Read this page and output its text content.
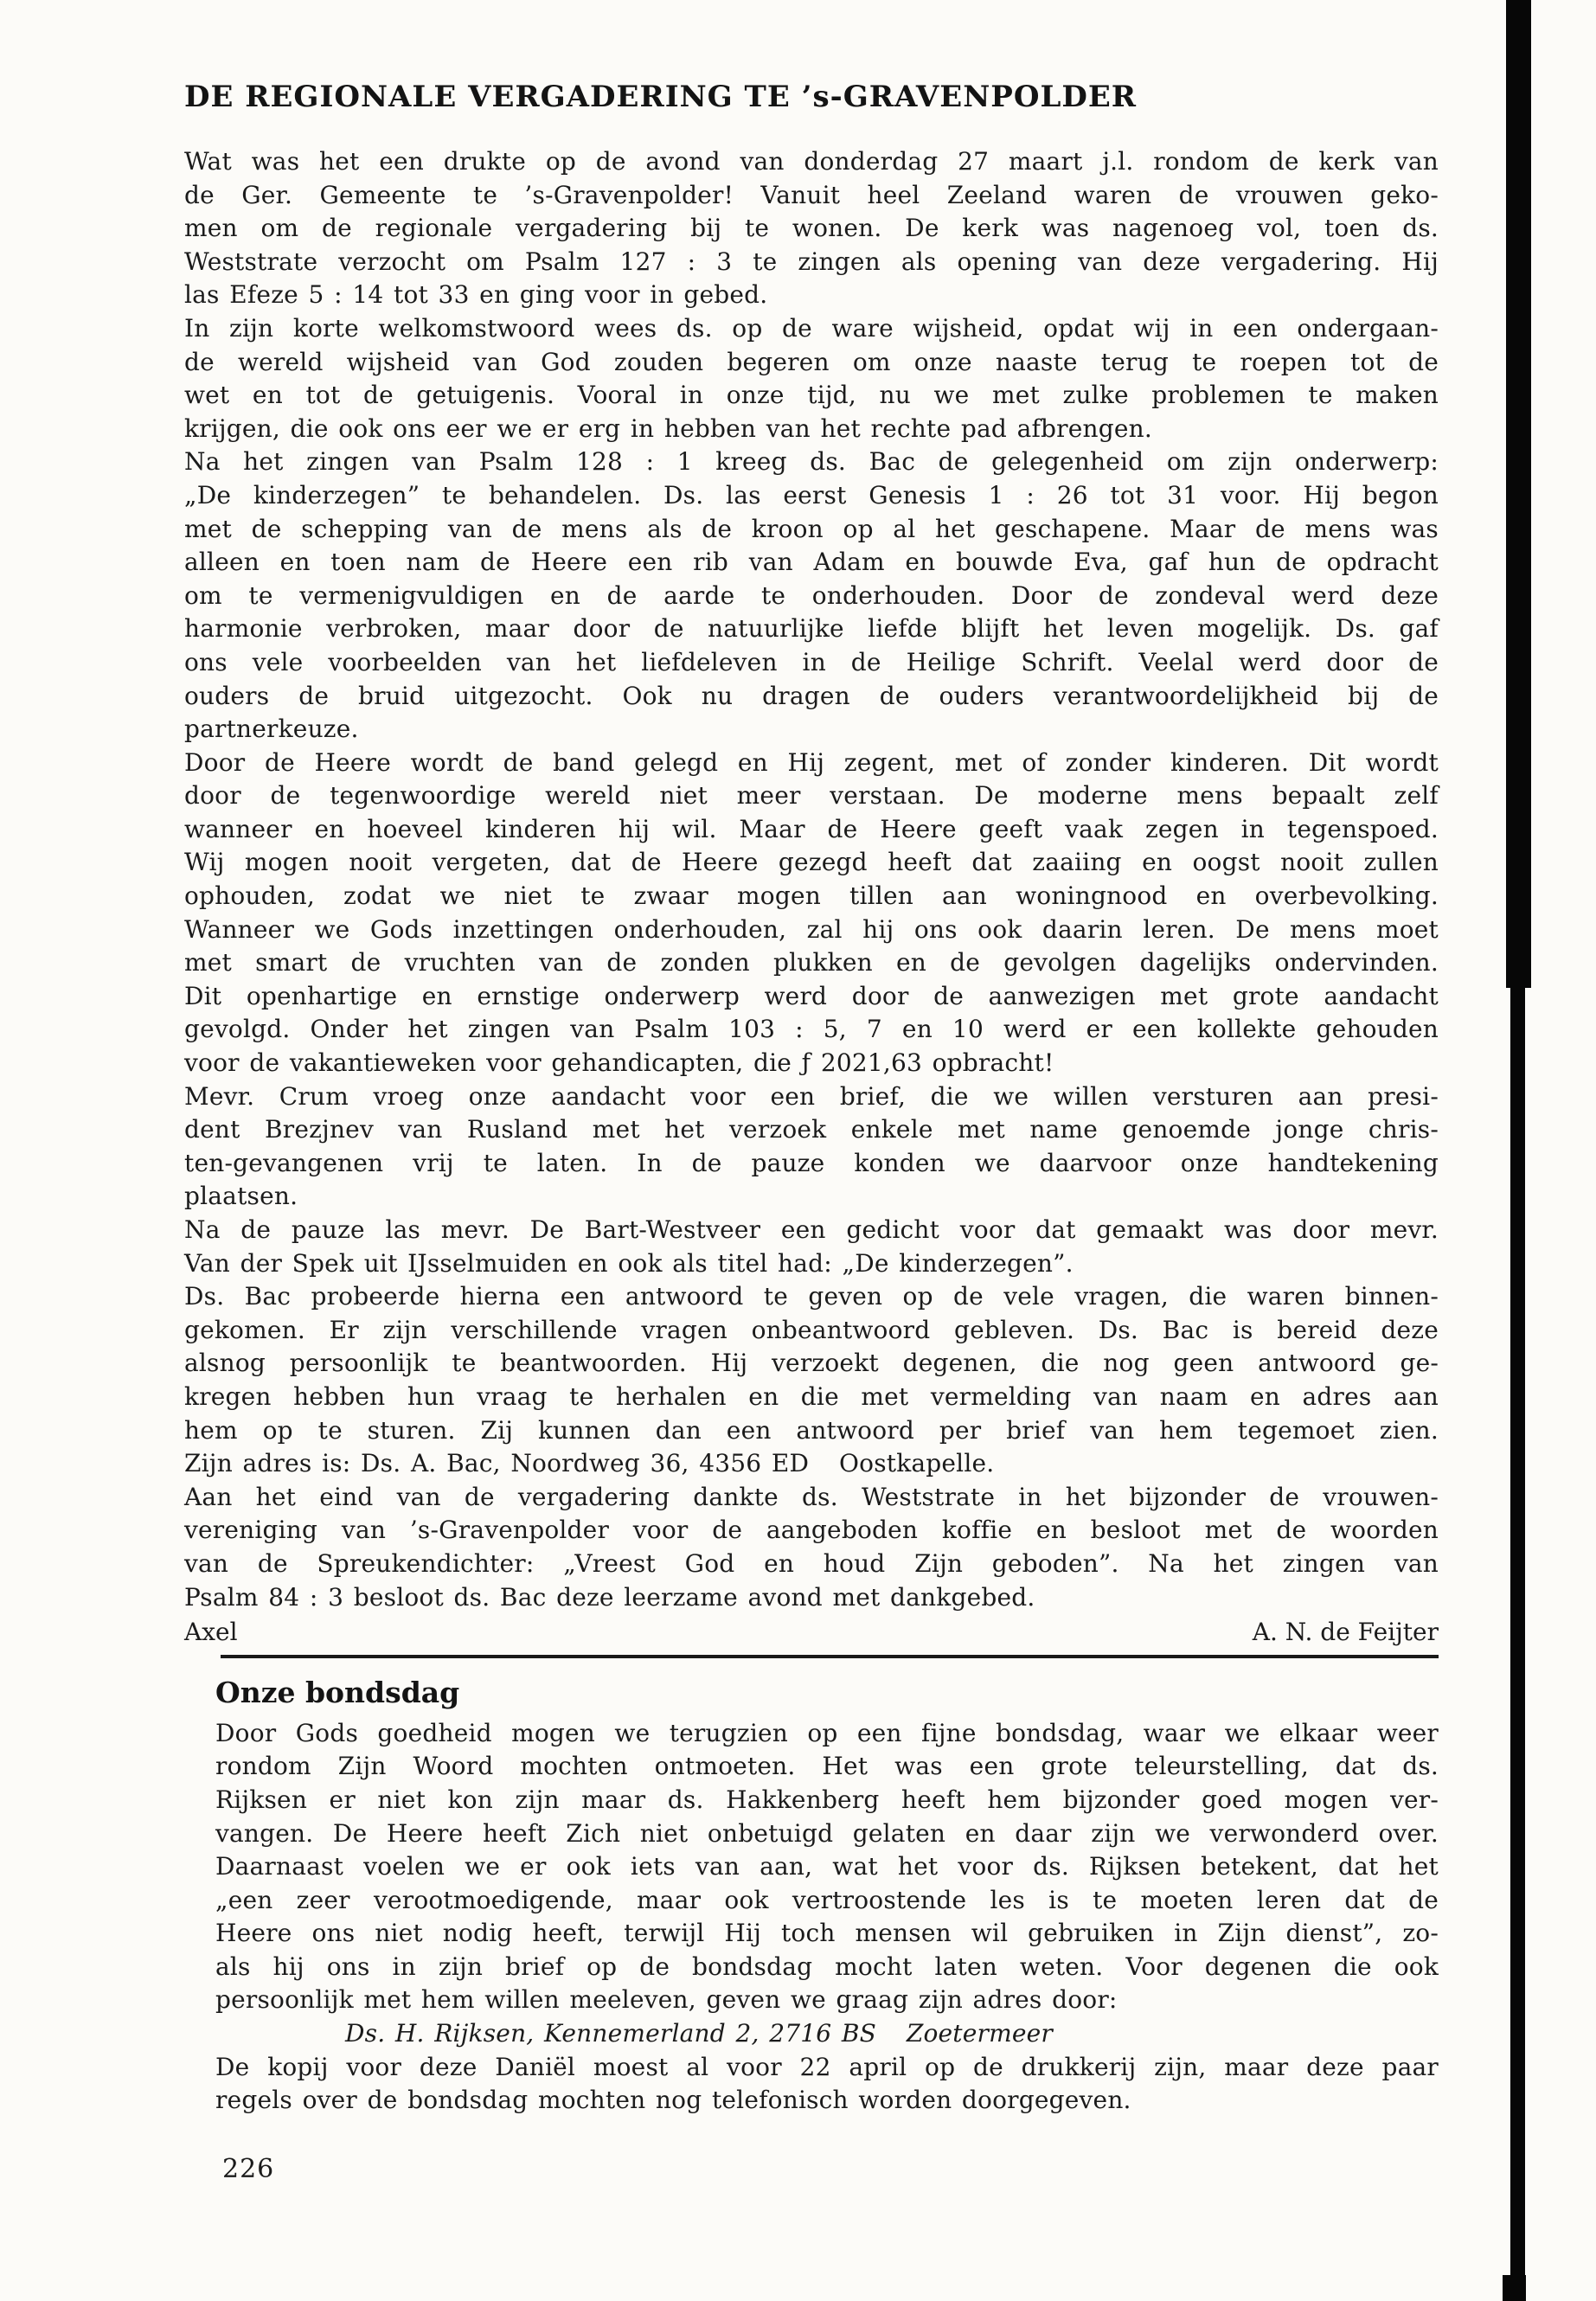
DE REGIONALE VERGADERING TE ’s-GRAVENPOLDER
Wat was het een drukte op de avond van donderdag 27 maart j.l. rondom de kerk van
de Ger. Gemeente te ’s-Gravenpolder! Vanuit heel Zeeland waren de vrouwen geko-
men om de regionale vergadering bij te wonen. De kerk was nagenoeg vol, toen ds.
Weststrate verzocht om Psalm 127 : 3 te zingen als opening van deze vergadering. Hij
las Efeze 5 : 14 tot 33 en ging voor in gebed.
In zijn korte welkomstwoord wees ds. op de ware wijsheid, opdat wij in een ondergaan-
de wereld wijsheid van God zouden begeren om onze naaste terug te roepen tot de
wet en tot de getuigenis. Vooral in onze tijd, nu we met zulke problemen te maken
krijgen, die ook ons eer we er erg in hebben van het rechte pad afbrengen.
Na het zingen van Psalm 128 : 1 kreeg ds. Bac de gelegenheid om zijn onderwerp:
„De kinderzegen” te behandelen. Ds. las eerst Genesis 1 : 26 tot 31 voor. Hij begon
met de schepping van de mens als de kroon op al het geschapene. Maar de mens was
alleen en toen nam de Heere een rib van Adam en bouwde Eva, gaf hun de opdracht
om te vermenigvuldigen en de aarde te onderhouden. Door de zondeval werd deze
harmonie verbroken, maar door de natuurlijke liefde blijft het leven mogelijk. Ds. gaf
ons vele voorbeelden van het liefdeleven in de Heilige Schrift. Veelal werd door de
ouders de bruid uitgezocht. Ook nu dragen de ouders verantwoordelijkheid bij de
partnerkeuze.
Door de Heere wordt de band gelegd en Hij zegent, met of zonder kinderen. Dit wordt
door de tegenwoordige wereld niet meer verstaan. De moderne mens bepaalt zelf
wanneer en hoeveel kinderen hij wil. Maar de Heere geeft vaak zegen in tegenspoed.
Wij mogen nooit vergeten, dat de Heere gezegd heeft dat zaaiing en oogst nooit zullen
ophouden, zodat we niet te zwaar mogen tillen aan woningnood en overbevolking.
Wanneer we Gods inzettingen onderhouden, zal hij ons ook daarin leren. De mens moet
met smart de vruchten van de zonden plukken en de gevolgen dagelijks ondervinden.
Dit openhartige en ernstige onderwerp werd door de aanwezigen met grote aandacht
gevolgd. Onder het zingen van Psalm 103 : 5, 7 en 10 werd er een kollekte gehouden
voor de vakantieweken voor gehandicapten, die ƒ 2021,63 opbracht!
Mevr. Crum vroeg onze aandacht voor een brief, die we willen versturen aan presi-
dent Brezjnev van Rusland met het verzoek enkele met name genoemde jonge chris-
ten-gevangenen vrij te laten. In de pauze konden we daarvoor onze handtekening
plaatsen.
Na de pauze las mevr. De Bart-Westveer een gedicht voor dat gemaakt was door mevr.
Van der Spek uit IJsselmuiden en ook als titel had: „De kinderzegen”.
Ds. Bac probeerde hierna een antwoord te geven op de vele vragen, die waren binnen-
gekomen. Er zijn verschillende vragen onbeantwoord gebleven. Ds. Bac is bereid deze
alsnog persoonlijk te beantwoorden. Hij verzoekt degenen, die nog geen antwoord ge-
kregen hebben hun vraag te herhalen en die met vermelding van naam en adres aan
hem op te sturen. Zij kunnen dan een antwoord per brief van hem tegemoet zien.
Zijn adres is: Ds. A. Bac, Noordweg 36, 4356 ED   Oostkapelle.
Aan het eind van de vergadering dankte ds. Weststrate in het bijzonder de vrouwen-
vereniging van ’s-Gravenpolder voor de aangeboden koffie en besloot met de woorden
van de Spreukendichter: „Vreest God en houd Zijn geboden”. Na het zingen van
Psalm 84 : 3 besloot ds. Bac deze leerzame avond met dankgebed.
Axel	A. N. de Feijter
Onze bondsdag
Door Gods goedheid mogen we terugzien op een fijne bondsdag, waar we elkaar weer
rondom Zijn Woord mochten ontmoeten. Het was een grote teleurstelling, dat ds.
Rijksen er niet kon zijn maar ds. Hakkenberg heeft hem bijzonder goed mogen ver-
vangen. De Heere heeft Zich niet onbetuigd gelaten en daar zijn we verwonderd over.
Daarnaast voelen we er ook iets van aan, wat het voor ds. Rijksen betekent, dat het
„een zeer verootmoedigende, maar ook vertroostende les is te moeten leren dat de
Heere ons niet nodig heeft, terwijl Hij toch mensen wil gebruiken in Zijn dienst”, zo-
als hij ons in zijn brief op de bondsdag mocht laten weten. Voor degenen die ook
persoonlijk met hem willen meeleven, geven we graag zijn adres door:
Ds. H. Rijksen, Kennemerland 2, 2716 BS   Zoetermeer
De kopij voor deze Daniël moest al voor 22 april op de drukkerij zijn, maar deze paar
regels over de bondsdag mochten nog telefonisch worden doorgegeven.
226
